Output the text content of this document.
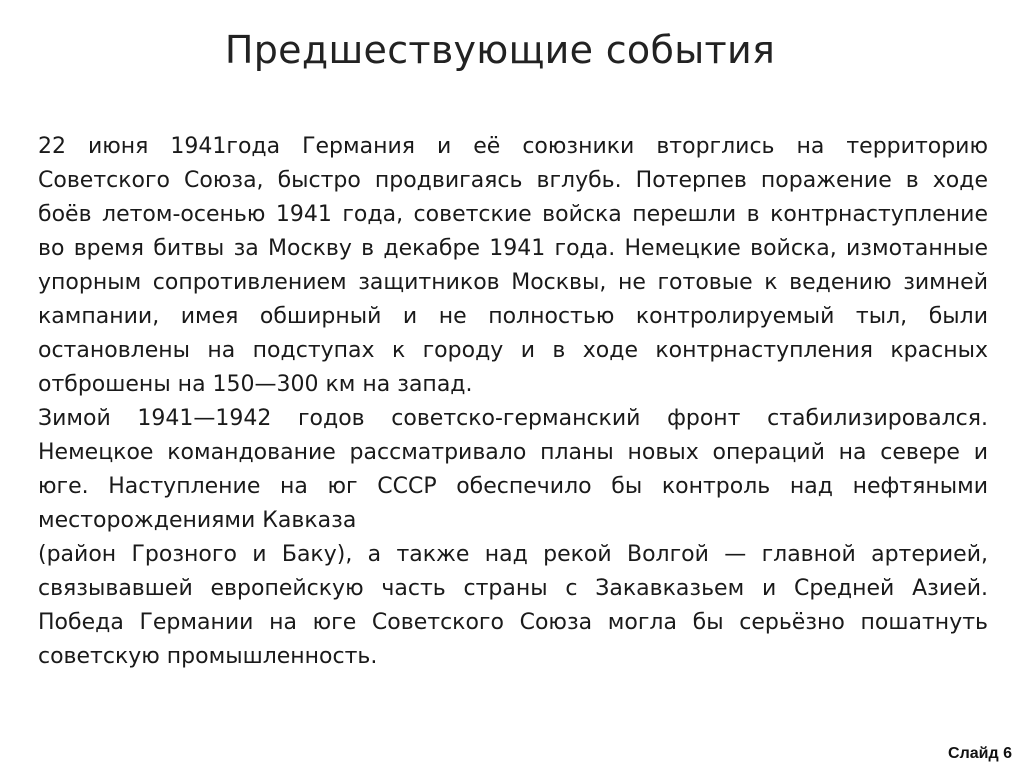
Предшествующие события

22 июня 1941года Германия и её союзники вторглись на территорию Советского Союза, быстро продвигаясь вглубь. Потерпев поражение в ходе боёв летом-осенью 1941 года, советские войска перешли в контрнаступление во время битвы за Москву в декабре 1941 года. Немецкие войска, измотанные упорным сопротивлением защитников Москвы, не готовые к ведению зимней кампании, имея обширный и не полностью контролируемый тыл, были остановлены на подступах к городу и в ходе контрнаступления красных отброшены на 150—300 км на запад.

Зимой 1941—1942 годов советско-германский фронт стабилизировался. Немецкое командование рассматривало планы новых операций на севере и юге. Наступление на юг СССР обеспечило бы контроль над нефтяными месторождениями Кавказа

(район Грозного и Баку), а также над рекой Волгой — главной артерией, связывавшей европейскую часть страны с Закавказьем и Средней Азией. Победа Германии на юге Советского Союза могла бы серьёзно пошатнуть советскую промышленность.

Слайд 6
